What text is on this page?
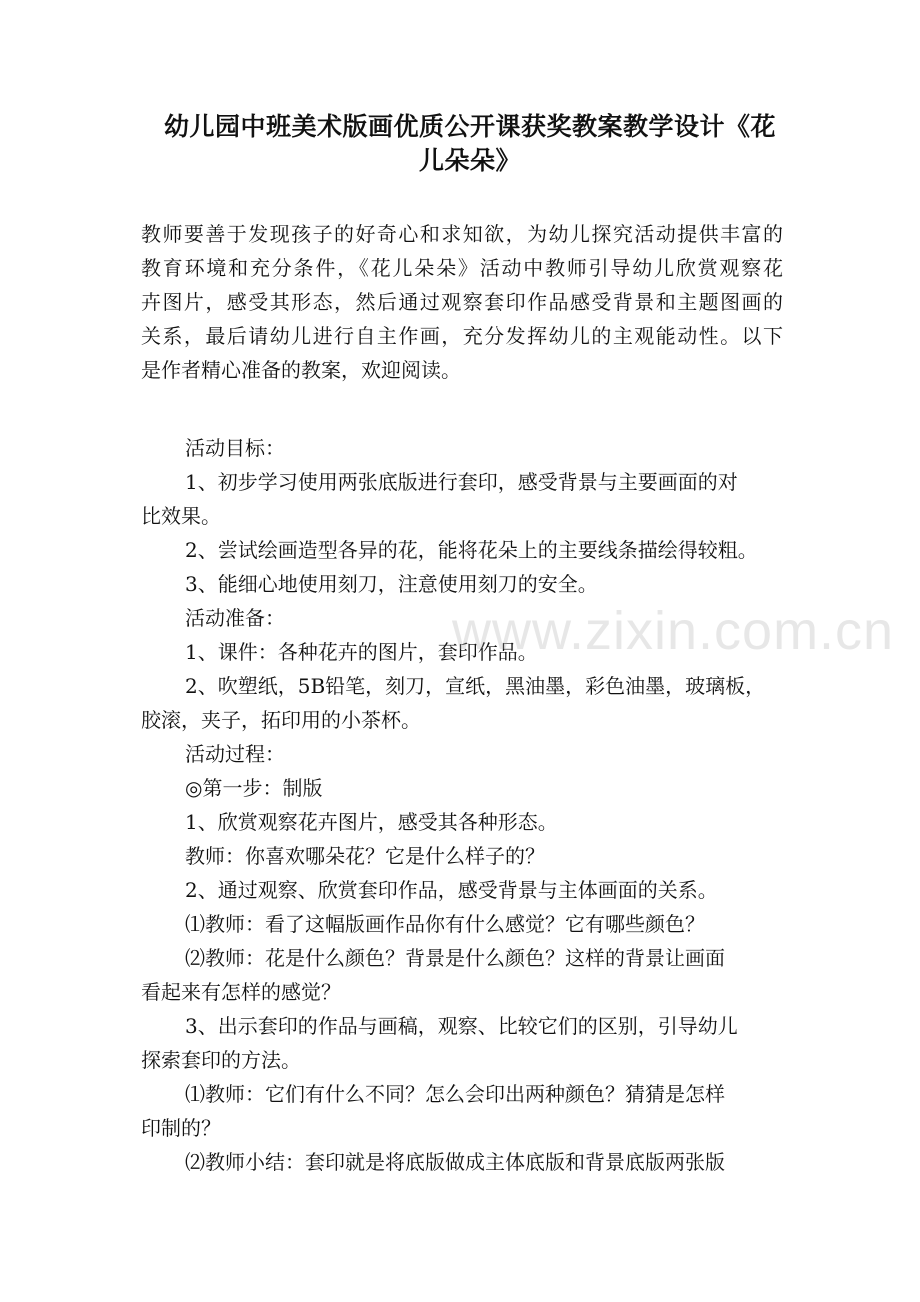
幼儿园中班美术版画优质公开课获奖教案教学设计《花
儿朵朵》
教师要善于发现孩子的好奇心和求知欲，为幼儿探究活动提供丰富的
教育环境和充分条件，《花儿朵朵》活动中教师引导幼儿欣赏观察花
卉图片，感受其形态，然后通过观察套印作品感受背景和主题图画的
关系，最后请幼儿进行自主作画，充分发挥幼儿的主观能动性。以下
是作者精心准备的教案，欢迎阅读。
活动目标：
1、初步学习使用两张底版进行套印，感受背景与主要画面的对
比效果。
2、尝试绘画造型各异的花，能将花朵上的主要线条描绘得较粗。
3、能细心地使用刻刀，注意使用刻刀的安全。
活动准备：
1、课件：各种花卉的图片，套印作品。
2、吹塑纸，5B铅笔，刻刀，宣纸，黑油墨，彩色油墨，玻璃板，
胶滚，夹子，拓印用的小茶杯。
活动过程：
◎第一步：制版
1、欣赏观察花卉图片，感受其各种形态。
教师：你喜欢哪朵花？它是什么样子的？
2、通过观察、欣赏套印作品，感受背景与主体画面的关系。
⑴教师：看了这幅版画作品你有什么感觉？它有哪些颜色？
⑵教师：花是什么颜色？背景是什么颜色？这样的背景让画面
看起来有怎样的感觉？
3、出示套印的作品与画稿，观察、比较它们的区别，引导幼儿
探索套印的方法。
⑴教师：它们有什么不同？怎么会印出两种颜色？猜猜是怎样
印制的？
⑵教师小结：套印就是将底版做成主体底版和背景底版两张版
www.zixin.com.cn
